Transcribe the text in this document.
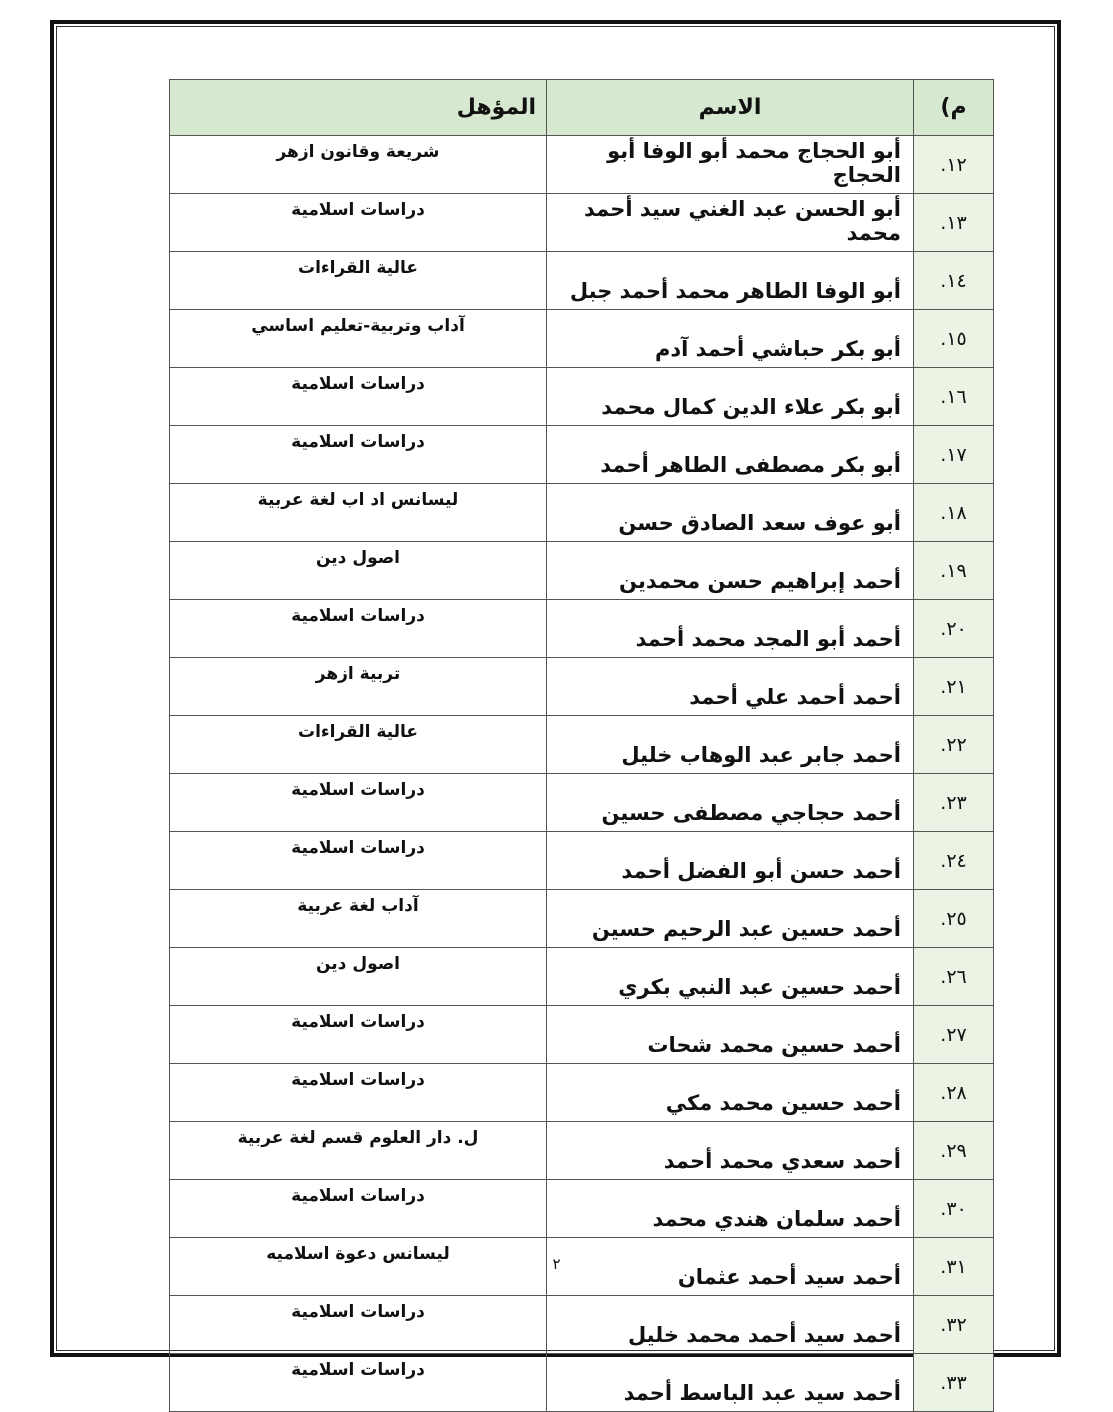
م)	الاسم	المؤهل
١٢.	أبو الحجاج محمد أبو الوفا أبو الحجاج	شريعة وقانون ازهر
١٣.	أبو الحسن عبد الغني سيد أحمد محمد	دراسات اسلامية
١٤.	أبو الوفا الطاهر محمد أحمد جبل	عالية القراءات
١٥.	أبو بكر حباشي أحمد آدم	آداب وتربية-تعليم اساسي
١٦.	أبو بكر علاء الدين كمال محمد	دراسات اسلامية
١٧.	أبو بكر مصطفى الطاهر أحمد	دراسات اسلامية
١٨.	أبو عوف سعد الصادق حسن	ليسانس اد اب لغة عربية
١٩.	أحمد إبراهيم حسن محمدين	اصول دين
٢٠.	أحمد أبو المجد محمد أحمد	دراسات اسلامية
٢١.	أحمد أحمد علي أحمد	تربية ازهر
٢٢.	أحمد جابر عبد الوهاب خليل	عالية القراءات
٢٣.	أحمد حجاجي مصطفى حسين	دراسات اسلامية
٢٤.	أحمد حسن أبو الفضل أحمد	دراسات اسلامية
٢٥.	أحمد حسين عبد الرحيم حسين	آداب لغة عربية
٢٦.	أحمد حسين عبد النبي بكري	اصول دين
٢٧.	أحمد حسين محمد شحات	دراسات اسلامية
٢٨.	أحمد حسين محمد مكي	دراسات اسلامية
٢٩.	أحمد سعدي محمد أحمد	ل. دار العلوم قسم لغة عربية
٣٠.	أحمد سلمان هندي محمد	دراسات اسلامية
٣١.	أحمد سيد أحمد عثمان	ليسانس دعوة اسلاميه
٣٢.	أحمد سيد أحمد محمد خليل	دراسات اسلامية
٣٣.	أحمد سيد عبد الباسط أحمد	دراسات اسلامية
٢
